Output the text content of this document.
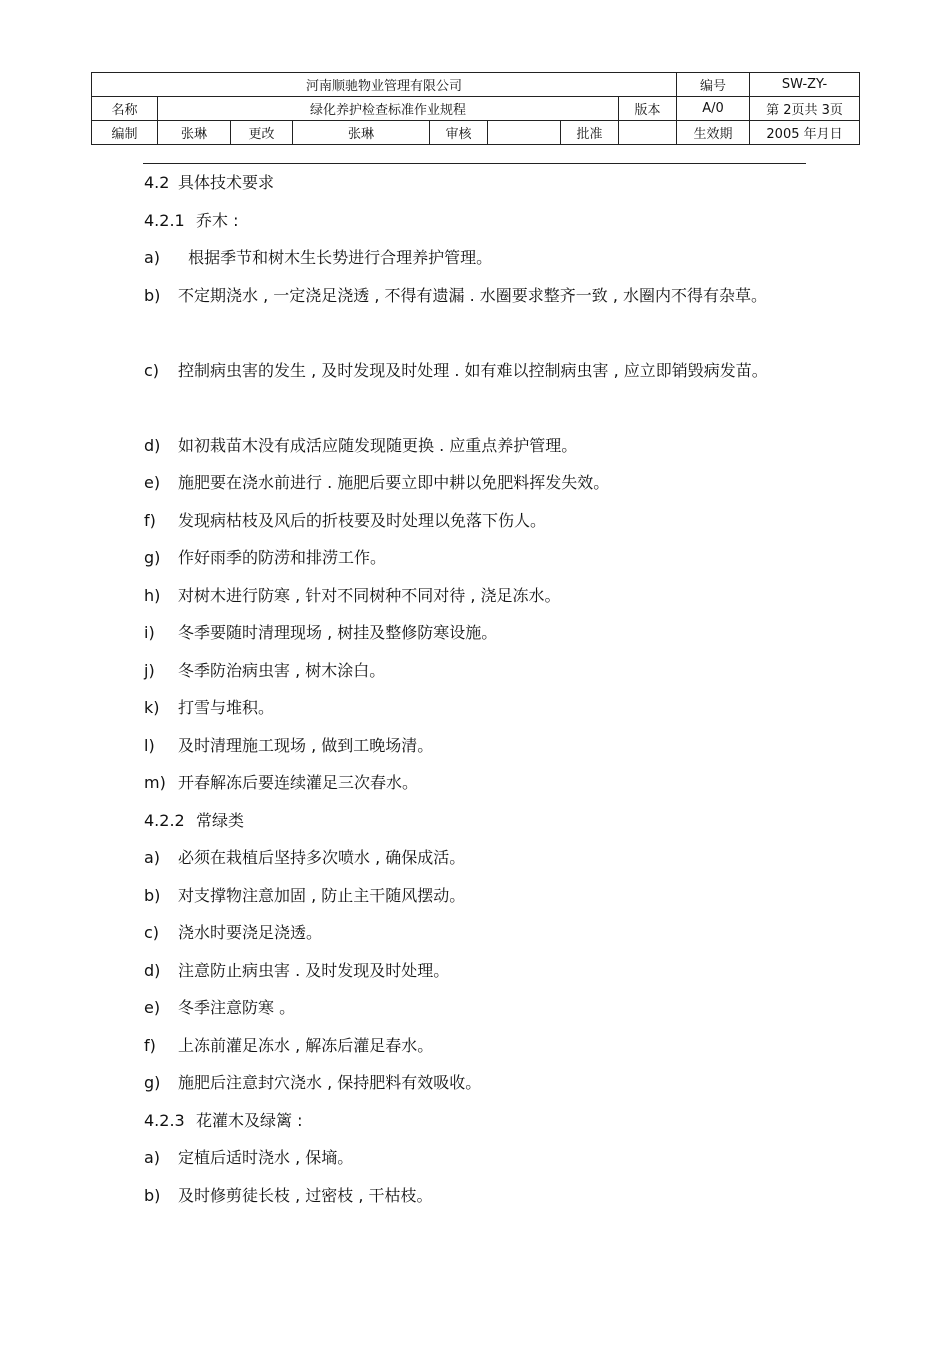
河南顺驰物业管理有限公司								编号	SW-ZY-
名称	绿化养护检查标准作业规程						版本	A/0	第 2页共 3页
编制	张琳	更改	张琳	审核		批准		生效期	2005 年月日
4.2 具体技术要求
4.2.1 乔木 :
a) 根据季节和树木生长势进行合理养护管理。
b) 不定期浇水 , 一定浇足浇透 , 不得有遗漏 . 水圈要求整齐一致 , 水圈内不得有杂草。
c) 控制病虫害的发生 , 及时发现及时处理 . 如有难以控制病虫害 , 应立即销毁病发苗。
d) 如初栽苗木没有成活应随发现随更换 . 应重点养护管理。
e) 施肥要在浇水前进行 . 施肥后要立即中耕以免肥料挥发失效。
f) 发现病枯枝及风后的折枝要及时处理以免落下伤人。
g) 作好雨季的防涝和排涝工作。
h) 对树木进行防寒 , 针对不同树种不同对待 , 浇足冻水。
i) 冬季要随时清理现场 , 树挂及整修防寒设施。
j) 冬季防治病虫害 , 树木涂白。
k) 打雪与堆积。
l) 及时清理施工现场 , 做到工晚场清。
m) 开春解冻后要连续灌足三次春水。
4.2.2 常绿类
a) 必须在栽植后坚持多次喷水 , 确保成活。
b) 对支撑物注意加固 , 防止主干随风摆动。
c) 浇水时要浇足浇透。
d) 注意防止病虫害 . 及时发现及时处理。
e) 冬季注意防寒 。
f) 上冻前灌足冻水 , 解冻后灌足春水。
g) 施肥后注意封穴浇水 , 保持肥料有效吸收。
4.2.3 花灌木及绿篱 :
a) 定植后适时浇水 , 保墒。
b) 及时修剪徒长枝 , 过密枝 , 干枯枝。
